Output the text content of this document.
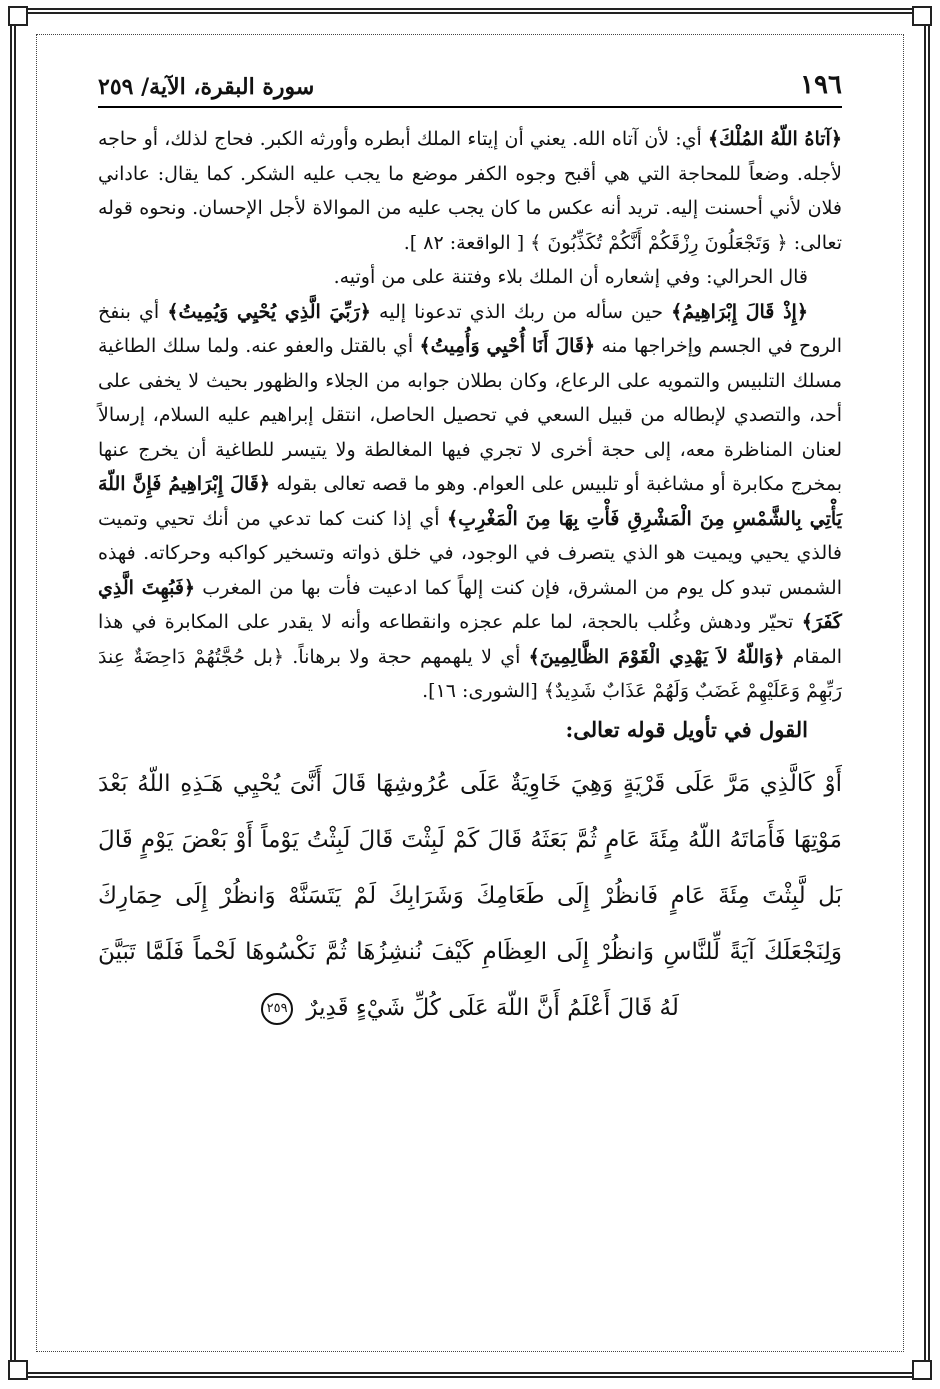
١٩٦
سورة البقرة، الآية/ ٢٥٩

﴿آتاهُ اللّهُ المُلْكَ﴾ أي: لأن آتاه الله. يعني أن إيتاء الملك أبطره وأورثه الكبر. فحاج لذلك، أو حاجه لأجله. وضعاً للمحاجة التي هي أقبح وجوه الكفر موضع ما يجب عليه الشكر. كما يقال: عاداني فلان لأني أحسنت إليه. تريد أنه عكس ما كان يجب عليه من الموالاة لأجل الإحسان. ونحوه قوله تعالى: ﴿ وَتَجْعَلُونَ رِزْقَكُمْ أَنَّكُمْ تُكَذِّبُونَ ﴾ [ الواقعة: ٨٢ ].

قال الحرالي: وفي إشعاره أن الملك بلاء وفتنة على من أوتيه.

﴿إِذْ قَالَ إِبْرَاهِيمُ﴾ حين سأله من ربك الذي تدعونا إليه ﴿رَبِّيَ الَّذِي يُحْيِي وَيُمِيتُ﴾ أي بنفخ الروح في الجسم وإخراجها منه ﴿قَالَ أَنَا أُحْيِي وَأُمِيتُ﴾ أي بالقتل والعفو عنه. ولما سلك الطاغية مسلك التلبيس والتمويه على الرعاع، وكان بطلان جوابه من الجلاء والظهور بحيث لا يخفى على أحد، والتصدي لإبطاله من قبيل السعي في تحصيل الحاصل، انتقل إبراهيم عليه السلام، إرسالاً لعنان المناظرة معه، إلى حجة أخرى لا تجري فيها المغالطة ولا يتيسر للطاغية أن يخرج عنها بمخرج مكابرة أو مشاغبة أو تلبيس على العوام. وهو ما قصه تعالى بقوله ﴿قَالَ إِبْرَاهِيمُ فَإِنَّ اللّهَ يَأْتِي بِالشَّمْسِ مِنَ الْمَشْرِقِ فَأْتِ بِهَا مِنَ الْمَغْرِبِ﴾ أي إذا كنت كما تدعي من أنك تحيي وتميت فالذي يحيي ويميت هو الذي يتصرف في الوجود، في خلق ذواته وتسخير كواكبه وحركاته. فهذه الشمس تبدو كل يوم من المشرق، فإن كنت إلهاً كما ادعيت فأت بها من المغرب ﴿فَبُهِتَ الَّذِي كَفَرَ﴾ تحيّر ودهش وغُلب بالحجة، لما علم عجزه وانقطاعه وأنه لا يقدر على المكابرة في هذا المقام ﴿وَاللّهُ لاَ يَهْدِي الْقَوْمَ الظَّالِمِينَ﴾ أي لا يلهمهم حجة ولا برهاناً. ﴿بل حُجَّتُهُمْ دَاحِضَةٌ عِندَ رَبِّهِمْ وَعَلَيْهِمْ غَضَبٌ وَلَهُمْ عَذَابٌ شَدِيدٌ﴾ [الشورى: ١٦].

القول في تأويل قوله تعالى:
أَوْ كَالَّذِي مَرَّ عَلَى قَرْيَةٍ وَهِيَ خَاوِيَةٌ عَلَى عُرُوشِهَا قَالَ أَنَّىَ يُحْيِي هَـَذِهِ اللّهُ بَعْدَ مَوْتِهَا فَأَمَاتَهُ اللّهُ مِئَةَ عَامٍ ثُمَّ بَعَثَهُ قَالَ كَمْ لَبِثْتَ قَالَ لَبِثْتُ يَوْماً أَوْ بَعْضَ يَوْمٍ قَالَ بَل لَّبِثْتَ مِئَةَ عَامٍ فَانظُرْ إِلَى طَعَامِكَ وَشَرَابِكَ لَمْ يَتَسَنَّهْ وَانظُرْ إِلَى حِمَارِكَ وَلِنَجْعَلَكَ آيَةً لِّلنَّاسِ وَانظُرْ إِلَى العِظَامِ كَيْفَ نُنشِزُهَا ثُمَّ نَكْسُوهَا لَحْماً فَلَمَّا تَبَيَّنَ لَهُ قَالَ أَعْلَمُ أَنَّ اللّهَ عَلَى كُلِّ شَيْءٍ قَدِيرٌ ٢٥٩
